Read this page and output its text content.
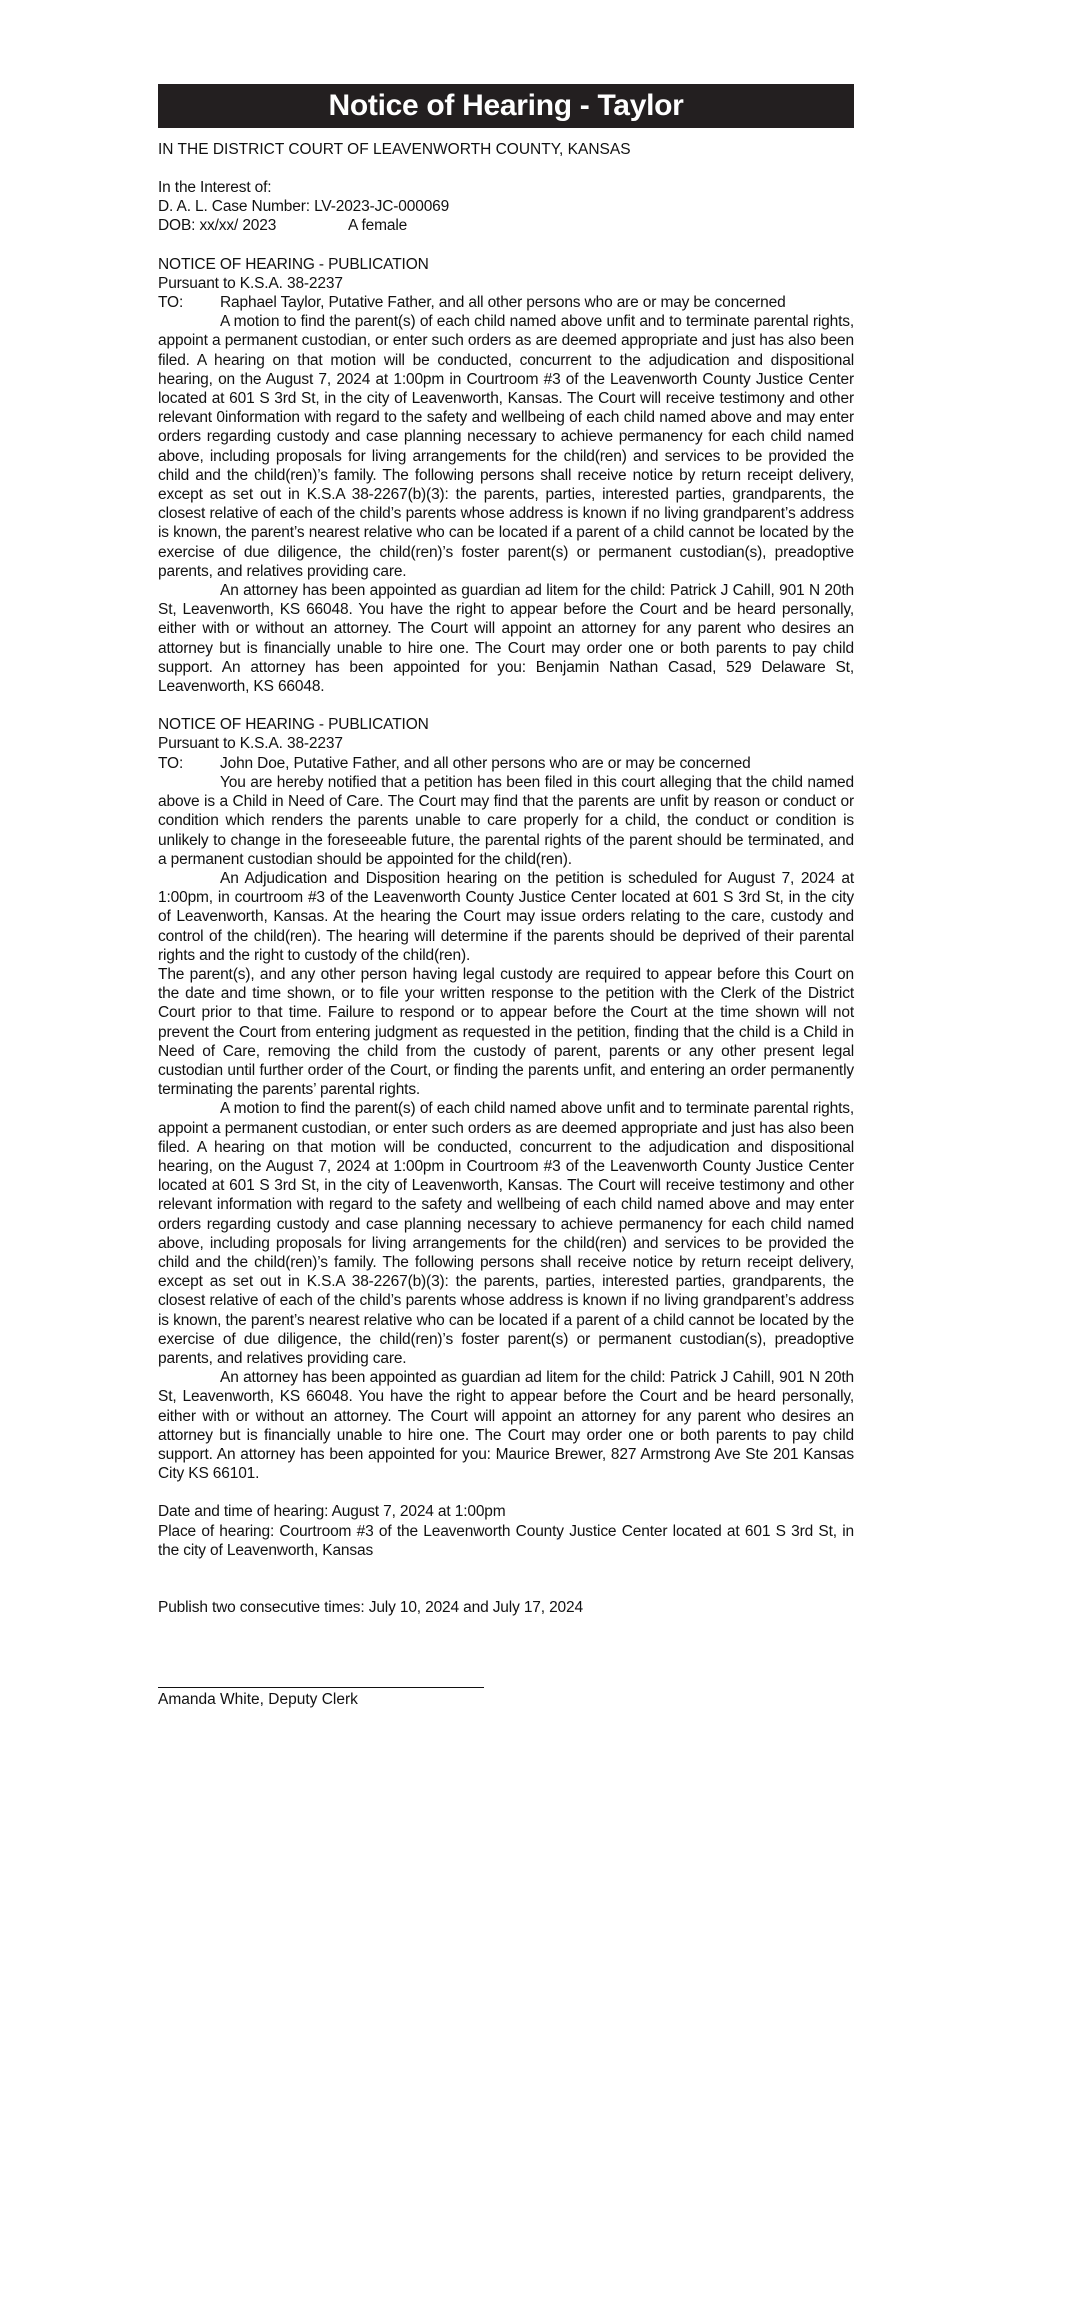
Notice of Hearing - Taylor
IN THE DISTRICT COURT OF LEAVENWORTH COUNTY, KANSAS
In the Interest of:
D. A. L. Case Number: LV-2023-JC-000069
DOB: xx/xx/ 2023	A female
NOTICE OF HEARING - PUBLICATION
Pursuant to K.S.A. 38-2237
TO:	Raphael Taylor, Putative Father, and all other persons who are or may be concerned
A motion to find the parent(s) of each child named above unfit and to terminate parental rights, appoint a permanent custodian, or enter such orders as are deemed appropriate and just has also been filed. A hearing on that motion will be conducted, concurrent to the adjudication and dispositional hearing, on the August 7, 2024 at 1:00pm in Courtroom #3 of the Leavenworth County Justice Center located at 601 S 3rd St, in the city of Leavenworth, Kansas. The Court will receive testimony and other relevant 0information with regard to the safety and wellbeing of each child named above and may enter orders regarding custody and case planning necessary to achieve permanency for each child named above, including proposals for living arrangements for the child(ren) and services to be provided the child and the child(ren)’s family. The following persons shall receive notice by return receipt delivery, except as set out in K.S.A 38-2267(b)(3): the parents, parties, interested parties, grandparents, the closest relative of each of the child’s parents whose address is known if no living grandparent’s address is known, the parent’s nearest relative who can be located if a parent of a child cannot be located by the exercise of due diligence, the child(ren)’s foster parent(s) or permanent custodian(s), preadoptive parents, and relatives providing care.
An attorney has been appointed as guardian ad litem for the child: Patrick J Cahill, 901 N 20th St, Leavenworth, KS 66048. You have the right to appear before the Court and be heard personally, either with or without an attorney. The Court will appoint an attorney for any parent who desires an attorney but is financially unable to hire one. The Court may order one or both parents to pay child support. An attorney has been appointed for you: Benjamin Nathan Casad, 529 Delaware St, Leavenworth, KS 66048.
NOTICE OF HEARING - PUBLICATION
Pursuant to K.S.A. 38-2237
TO:	John Doe, Putative Father, and all other persons who are or may be concerned
You are hereby notified that a petition has been filed in this court alleging that the child named above is a Child in Need of Care. The Court may find that the parents are unfit by reason or conduct or condition which renders the parents unable to care properly for a child, the conduct or condition is unlikely to change in the foreseeable future, the parental rights of the parent should be terminated, and a permanent custodian should be appointed for the child(ren).
An Adjudication and Disposition hearing on the petition is scheduled for August 7, 2024 at 1:00pm, in courtroom #3 of the Leavenworth County Justice Center located at 601 S 3rd St, in the city of Leavenworth, Kansas. At the hearing the Court may issue orders relating to the care, custody and control of the child(ren). The hearing will determine if the parents should be deprived of their parental rights and the right to custody of the child(ren).
The parent(s), and any other person having legal custody are required to appear before this Court on the date and time shown, or to file your written response to the petition with the Clerk of the District Court prior to that time. Failure to respond or to appear before the Court at the time shown will not prevent the Court from entering judgment as requested in the petition, finding that the child is a Child in Need of Care, removing the child from the custody of parent, parents or any other present legal custodian until further order of the Court, or finding the parents unfit, and entering an order permanently terminating the parents’ parental rights.
A motion to find the parent(s) of each child named above unfit and to terminate parental rights, appoint a permanent custodian, or enter such orders as are deemed appropriate and just has also been filed. A hearing on that motion will be conducted, concurrent to the adjudication and dispositional hearing, on the August 7, 2024 at 1:00pm in Courtroom #3 of the Leavenworth County Justice Center located at 601 S 3rd St, in the city of Leavenworth, Kansas. The Court will receive testimony and other relevant information with regard to the safety and wellbeing of each child named above and may enter orders regarding custody and case planning necessary to achieve permanency for each child named above, including proposals for living arrangements for the child(ren) and services to be provided the child and the child(ren)’s family. The following persons shall receive notice by return receipt delivery, except as set out in K.S.A 38-2267(b)(3): the parents, parties, interested parties, grandparents, the closest relative of each of the child’s parents whose address is known if no living grandparent’s address is known, the parent’s nearest relative who can be located if a parent of a child cannot be located by the exercise of due diligence, the child(ren)’s foster parent(s) or permanent custodian(s), preadoptive parents, and relatives providing care.
An attorney has been appointed as guardian ad litem for the child: Patrick J Cahill, 901 N 20th St, Leavenworth, KS 66048. You have the right to appear before the Court and be heard personally, either with or without an attorney. The Court will appoint an attorney for any parent who desires an attorney but is financially unable to hire one. The Court may order one or both parents to pay child support. An attorney has been appointed for you: Maurice Brewer, 827 Armstrong Ave Ste 201 Kansas City KS 66101.
Date and time of hearing: August 7, 2024 at 1:00pm
Place of hearing: Courtroom #3 of the Leavenworth County Justice Center located at 601 S 3rd St, in the city of Leavenworth, Kansas
Publish two consecutive times: July 10, 2024 and July 17, 2024
Amanda White, Deputy Clerk
